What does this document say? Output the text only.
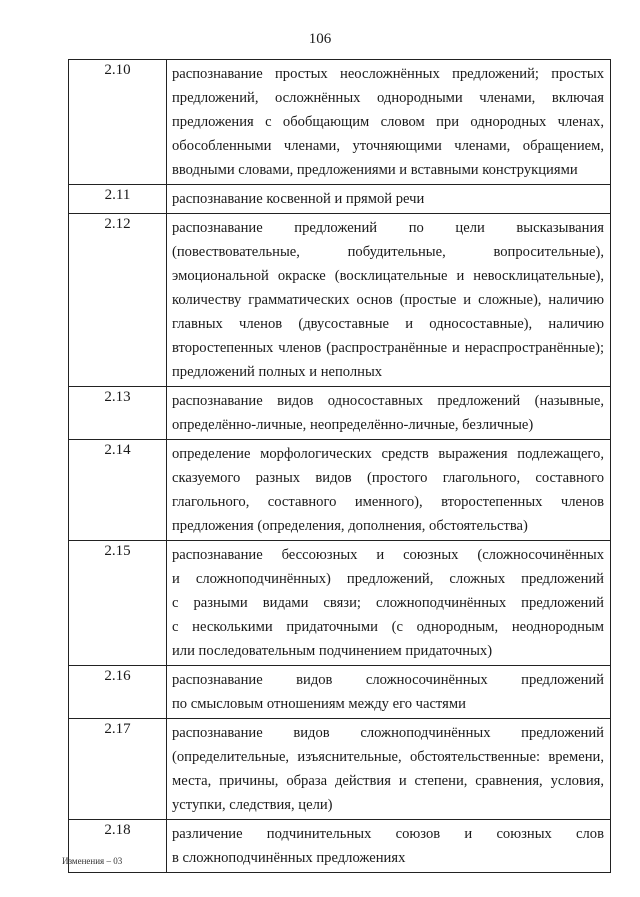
106
2.10	распознавание простых неосложнённых предложений; простых
предложений, осложнённых однородными членами, включая
предложения с обобщающим словом при однородных членах,
обособленными членами, уточняющими членами, обращением,
вводными словами, предложениями и вставными конструкциями
2.11	распознавание косвенной и прямой речи
2.12	распознавание предложений по цели высказывания
(повествовательные, побудительные, вопросительные),
эмоциональной окраске (восклицательные и невосклицательные),
количеству грамматических основ (простые и сложные), наличию
главных членов (двусоставные и односоставные), наличию
второстепенных членов (распространённые и нераспространённые);
предложений полных и неполных
2.13	распознавание видов односоставных предложений (назывные,
определённо-личные, неопределённо-личные, безличные)
2.14	определение морфологических средств выражения подлежащего,
сказуемого разных видов (простого глагольного, составного
глагольного, составного именного), второстепенных членов
предложения (определения, дополнения, обстоятельства)
2.15	распознавание бессоюзных и союзных (сложносочинённых
и сложноподчинённых) предложений, сложных предложений
с разными видами связи; сложноподчинённых предложений
с несколькими придаточными (с однородным, неоднородным
или последовательным подчинением придаточных)
2.16	распознавание видов сложносочинённых предложений
по смысловым отношениям между его частями
2.17	распознавание видов сложноподчинённых предложений
(определительные, изъяснительные, обстоятельственные: времени,
места, причины, образа действия и степени, сравнения, условия,
уступки, следствия, цели)
2.18	различение подчинительных союзов и союзных слов
в сложноподчинённых предложениях
Изменения – 03
